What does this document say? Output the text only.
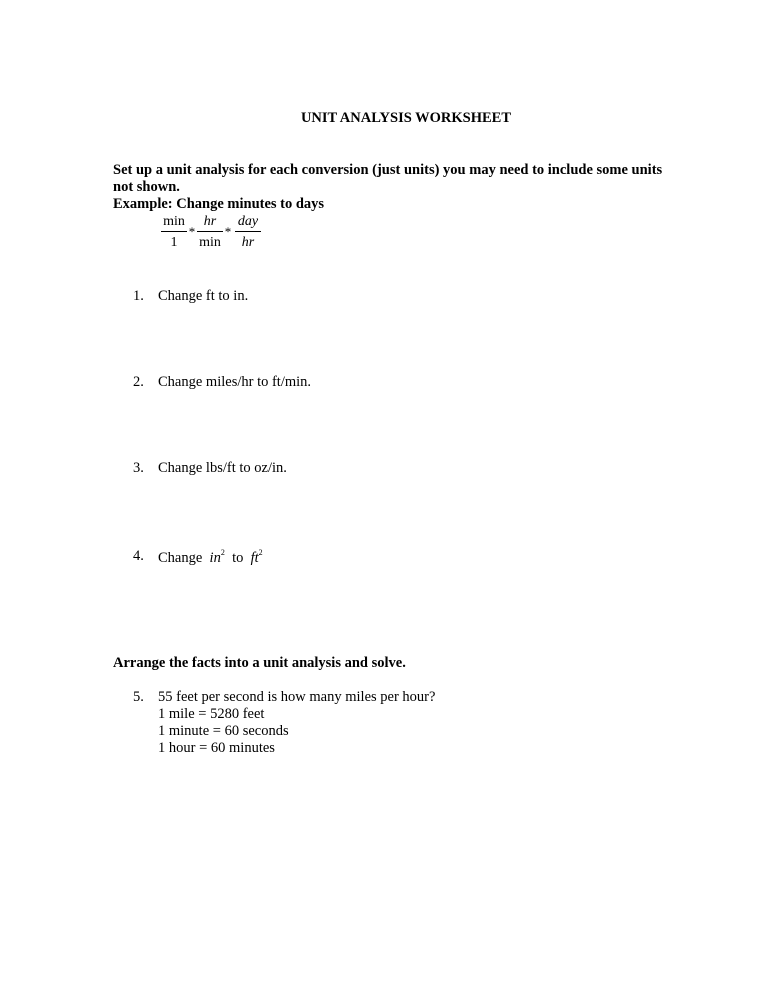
UNIT ANALYSIS WORKSHEET
Set up a unit analysis for each conversion (just units) you may need to include some units not shown.
Example: Change minutes to days
$\frac{\min}{1} * \frac{hr}{\min} * \frac{\text{day}}{hr}$
1. Change ft to in.
2. Change miles/hr to ft/min.
3. Change lbs/ft to oz/in.
4. Change $in^2$ to $ft^2$
Arrange the facts into a unit analysis and solve.
5. 55 feet per second is how many miles per hour?
1 mile = 5280 feet
1 minute = 60 seconds
1 hour = 60 minutes
